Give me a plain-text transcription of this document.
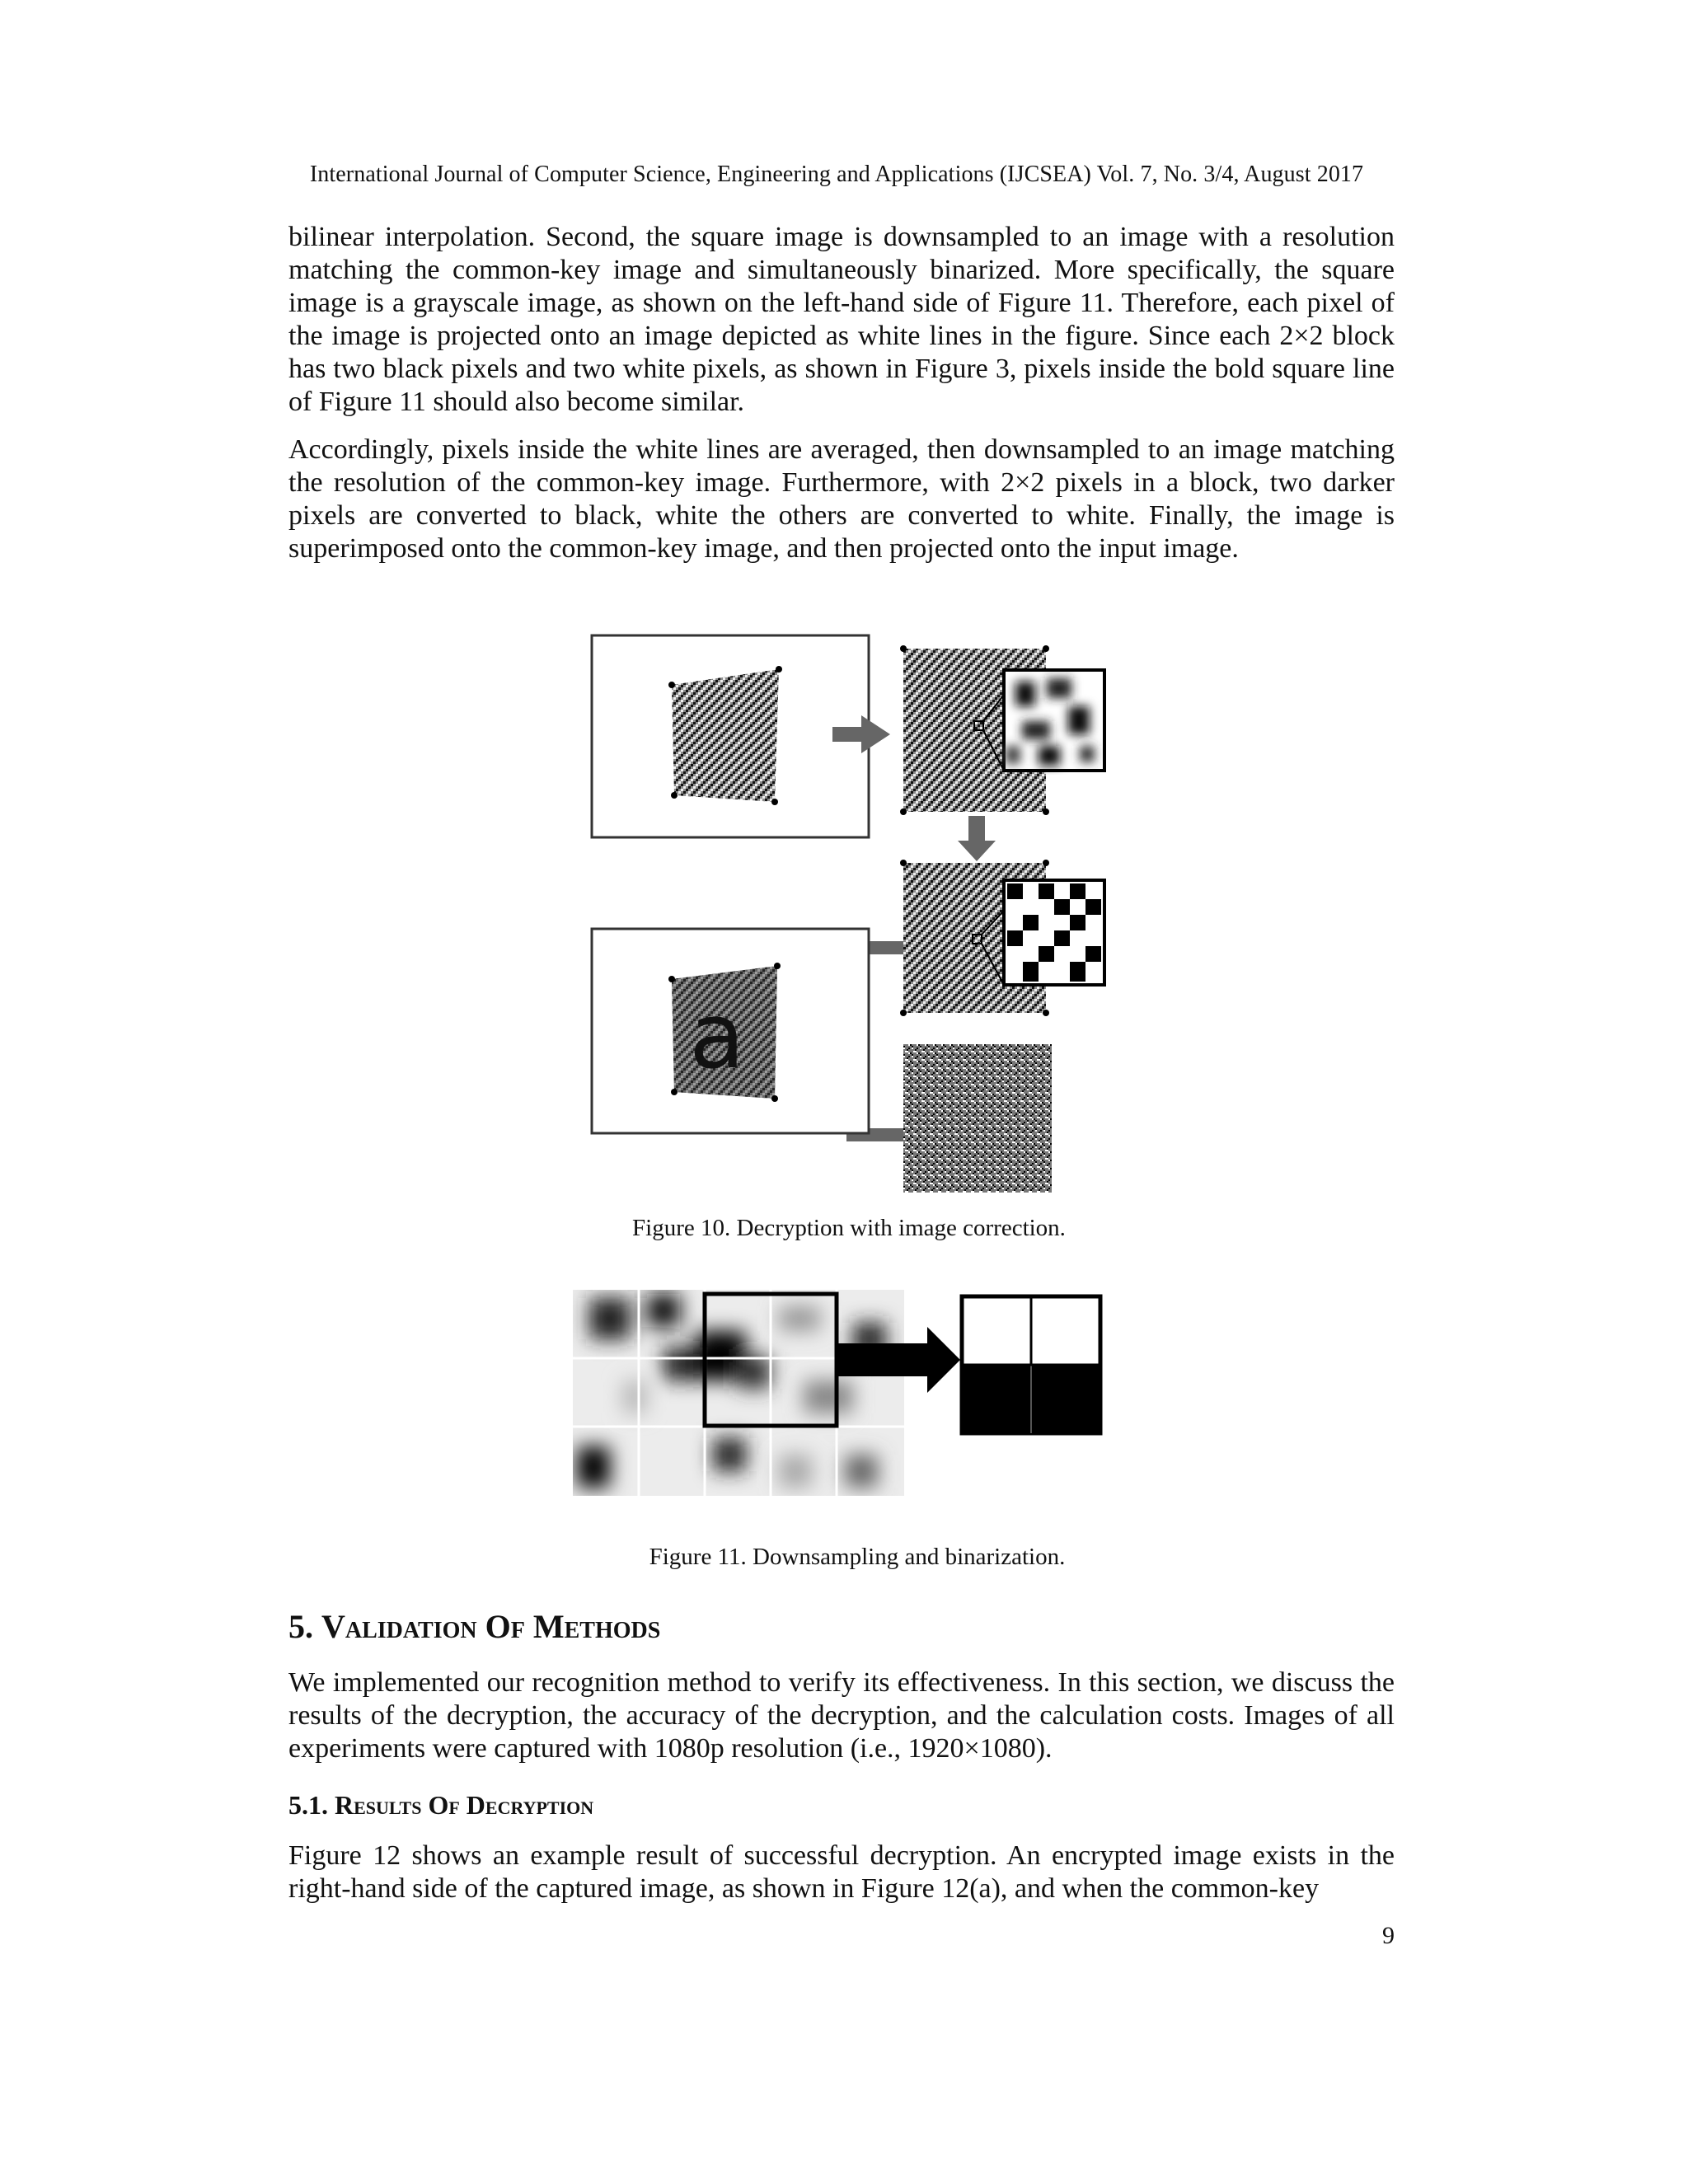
International Journal of Computer Science, Engineering and Applications (IJCSEA) Vol. 7, No. 3/4, August 2017

bilinear interpolation. Second, the square image is downsampled to an image with a resolution matching the common-key image and simultaneously binarized. More specifically, the square image is a grayscale image, as shown on the left-hand side of Figure 11. Therefore, each pixel of the image is projected onto an image depicted as white lines in the figure. Since each 2×2 block has two black pixels and two white pixels, as shown in Figure 3, pixels inside the bold square line of Figure 11 should also become similar.

Accordingly, pixels inside the white lines are averaged, then downsampled to an image matching the resolution of the common-key image. Furthermore, with 2×2 pixels in a block, two darker pixels are converted to black, white the others are converted to white. Finally, the image is superimposed onto the common-key image, and then projected onto the input image.

a
Figure 10. Decryption with image correction.
Figure 11. Downsampling and binarization.
5. Validation Of Methods

We implemented our recognition method to verify its effectiveness. In this section, we discuss the results of the decryption, the accuracy of the decryption, and the calculation costs. Images of all experiments were captured with 1080p resolution (i.e., 1920×1080).

5.1. Results Of Decryption

Figure 12 shows an example result of successful decryption. An encrypted image exists in the right-hand side of the captured image, as shown in Figure 12(a), and when the common-key

9
